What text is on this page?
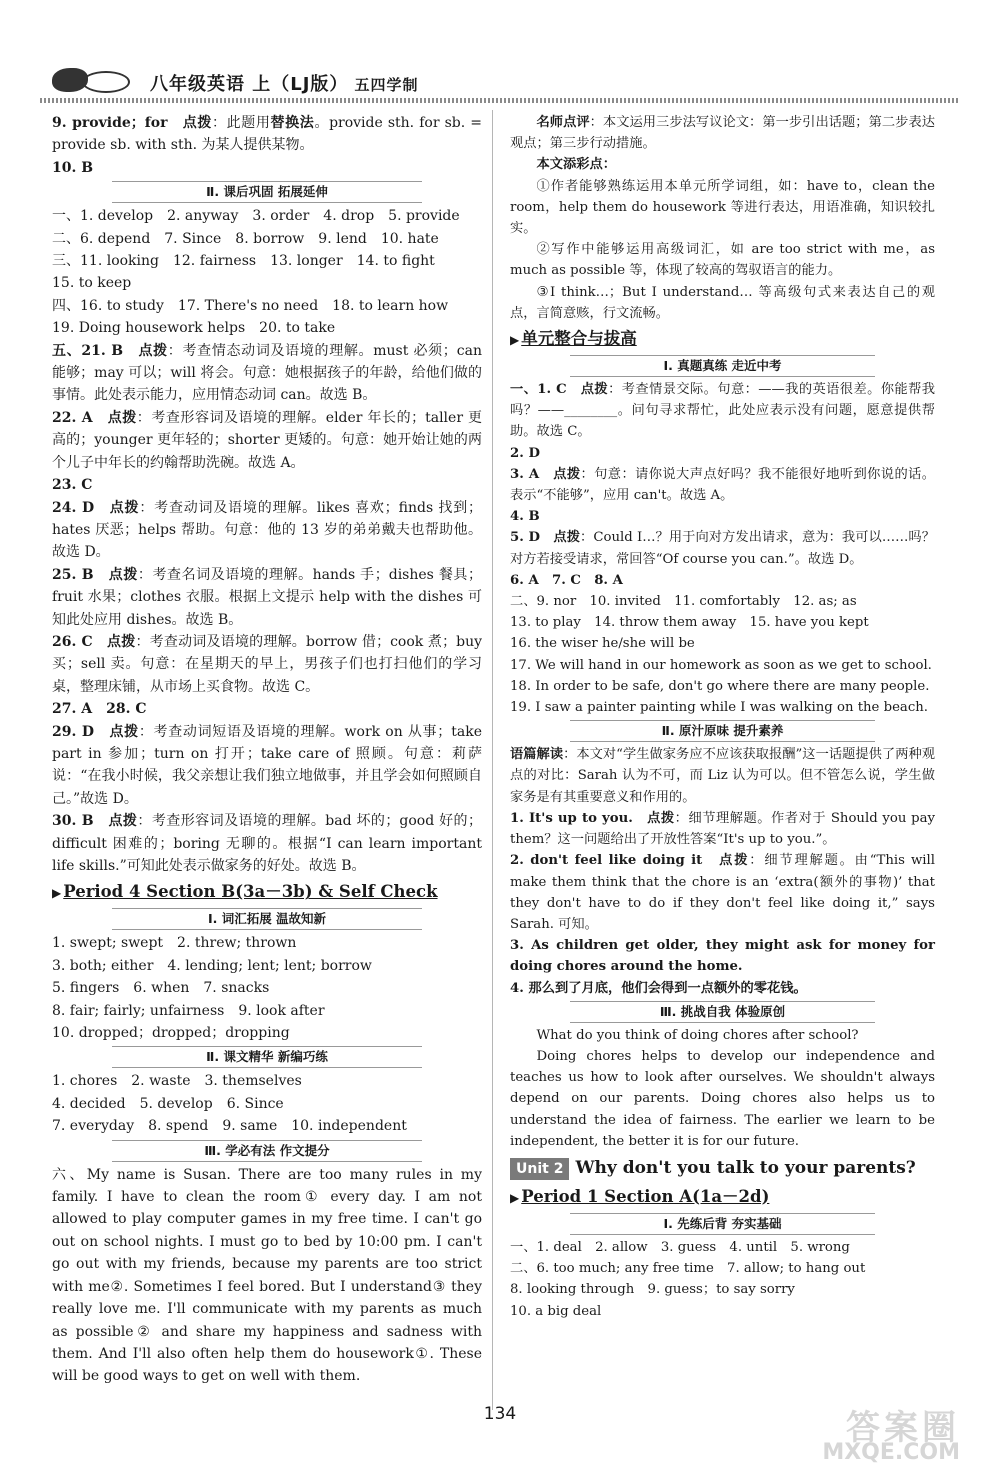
八年级英语 上（LJ版） 五四学制

9. provide；for　点拨：此题用替换法。provide sth. for sb. = provide sb. with sth. 为某人提供某物。

10. B

Ⅱ. 课后巩固 拓展延伸

一、1. develop　2. anyway　3. order　4. drop　5. provide

二、6. depend　7. Since　8. borrow　9. lend　10. hate

三、11. looking　12. fairness　13. longer　14. to fight

15. to keep

四、16. to study　17. There's no need　18. to learn how

19. Doing housework helps　20. to take

五、21. B　点拨：考查情态动词及语境的理解。must 必须；can 能够；may 可以；will 将会。句意：她根据孩子的年龄，给他们做的事情。此处表示能力，应用情态动词 can。故选 B。

22. A　点拨：考查形容词及语境的理解。elder 年长的；taller 更高的；younger 更年轻的；shorter 更矮的。句意：她开始让她的两个儿子中年长的约翰帮助洗碗。故选 A。

23. C

24. D　点拨：考查动词及语境的理解。likes 喜欢；finds 找到；hates 厌恶；helps 帮助。句意：他的 13 岁的弟弟戴夫也帮助他。故选 D。

25. B　点拨：考查名词及语境的理解。hands 手；dishes 餐具；fruit 水果；clothes 衣服。根据上文提示 help with the dishes 可知此处应用 dishes。故选 B。

26. C　点拨：考查动词及语境的理解。borrow 借；cook 煮；buy 买；sell 卖。句意：在星期天的早上，男孩子们也打扫他们的学习桌，整理床铺，从市场上买食物。故选 C。

27. A　28. C

29. D　点拨：考查动词短语及语境的理解。work on 从事；take part in 参加；turn on 打开；take care of 照顾。句意：莉萨说：“在我小时候，我父亲想让我们独立地做事，并且学会如何照顾自己。”故选 D。

30. B　点拨：考查形容词及语境的理解。bad 坏的；good 好的；difficult 困难的；boring 无聊的。根据“I can learn important life skills.”可知此处表示做家务的好处。故选 B。

▶ Period 4 Section B(3a－3b) & Self Check
Ⅰ. 词汇拓展 温故知新

1. swept; swept　2. threw; thrown

3. both; either　4. lending; lent; lent; borrow

5. fingers　6. when　7. snacks

8. fair; fairly; unfairness　9. look after

10. dropped；dropped；dropping

Ⅱ. 课文精华 新编巧练

1. chores　2. waste　3. themselves

4. decided　5. develop　6. Since

7. everyday　8. spend　9. same　10. independent

Ⅲ. 学必有法 作文提分

六、My name is Susan. There are too many rules in my family. I have to clean the room① every day. I am not allowed to play computer games in my free time. I can't go out on school nights. I must go to bed by 10:00 pm. I can't go out with my friends, because my parents are too strict with me②. Sometimes I feel bored. But I understand③ they really love me. I'll communicate with my parents as much as possible② and share my happiness and sadness with them. And I'll also often help them do housework①. These will be good ways to get on well with them.

名师点评：本文运用三步法写议论文：第一步引出话题；第二步表达观点；第三步行动措施。

本文添彩点：

①作者能够熟练运用本单元所学词组，如：have to，clean the room，help them do housework 等进行表达，用语准确，知识较扎实。

②写作中能够运用高级词汇，如 are too strict with me，as much as possible 等，体现了较高的驾驭语言的能力。

③I think…；But I understand… 等高级句式来表达自己的观点，言简意赅，行文流畅。

▶ 单元整合与拔高
Ⅰ. 真题真练 走近中考

一、1. C　点拨：考查情景交际。句意：——我的英语很差。你能帮我吗？——________。问句寻求帮忙，此处应表示没有问题，愿意提供帮助。故选 C。

2. D

3. A　点拨：句意：请你说大声点好吗？我不能很好地听到你说的话。表示“不能够”，应用 can't。故选 A。

4. B

5. D　点拨：Could I…？用于向对方发出请求，意为：我可以……吗？对方若接受请求，常回答“Of course you can.”。故选 D。

6. A　7. C　8. A

二、9. nor　10. invited　11. comfortably　12. as; as

13. to play　14. throw them away　15. have you kept

16. the wiser he/she will be

17. We will hand in our homework as soon as we get to school.

18. In order to be safe, don't go where there are many people.

19. I saw a painter painting while I was walking on the beach.

Ⅱ. 原汁原味 提升素养

语篇解读：本文对“学生做家务应不应该获取报酬”这一话题提供了两种观点的对比：Sarah 认为不可，而 Liz 认为可以。但不管怎么说，学生做家务是有其重要意义和作用的。

1. It's up to you.　点拨：细节理解题。作者对于 Should you pay them？这一问题给出了开放性答案“It's up to you.”。

2. don't feel like doing it　点拨：细节理解题。由“This will make them think that the chore is an ‘extra(额外的事物)’ that they don't have to do if they don't feel like doing it,” says Sarah. 可知。

3. As children get older, they might ask for money for doing chores around the home.

4. 那么到了月底，他们会得到一点额外的零花钱。

Ⅲ. 挑战自我 体验原创

What do you think of doing chores after school?

Doing chores helps to develop our independence and teaches us how to look after ourselves. We shouldn't always depend on our parents. Doing chores also helps us to understand the idea of fairness. The earlier we learn to be independent, the better it is for our future.

Unit 2 Why don't you talk to your parents?
▶ Period 1 Section A(1a－2d)
Ⅰ. 先练后背 夯实基础

一、1. deal　2. allow　3. guess　4. until　5. wrong

二、6. too much; any free time　7. allow; to hang out

8. looking through　9. guess；to say sorry

10. a big deal

134	答案圈
MXQE.COM
